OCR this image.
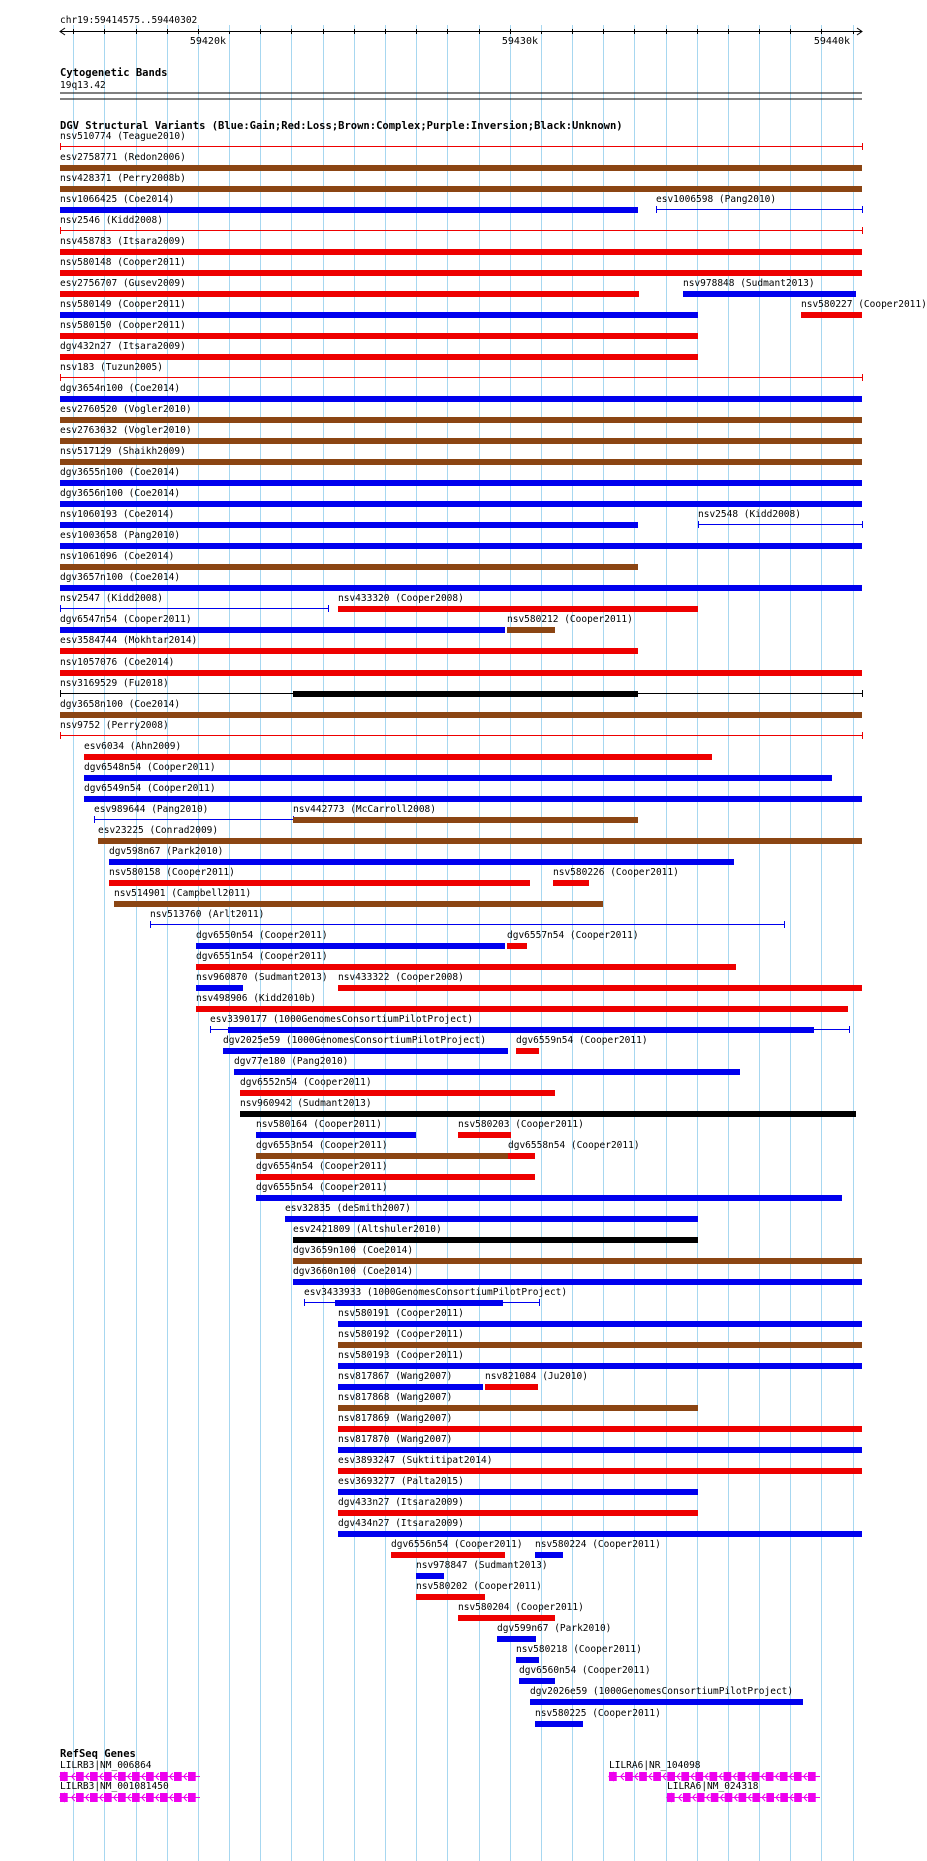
chr19:59414575..59440302
59420k	59430k	59440k
Cytogenetic Bands
19q13.42
DGV Structural Variants (Blue:Gain;Red:Loss;Brown:Complex;Purple:Inversion;Black:Unknown)
nsv510774 (Teague2010)
esv2758771 (Redon2006)
nsv428371 (Perry2008b)
nsv1066425 (Coe2014)	esv1006598 (Pang2010)
nsv2546 (Kidd2008)
nsv458783 (Itsara2009)
nsv580148 (Cooper2011)
esv2756707 (Gusev2009)	nsv978848 (Sudmant2013)
nsv580149 (Cooper2011)	nsv580227 (Cooper2011)
nsv580150 (Cooper2011)
dgv432n27 (Itsara2009)
nsv183 (Tuzun2005)
dgv3654n100 (Coe2014)
esv2760520 (Vogler2010)
esv2763032 (Vogler2010)
nsv517129 (Shaikh2009)
dgv3655n100 (Coe2014)
dgv3656n100 (Coe2014)
nsv1060193 (Coe2014)	nsv2548 (Kidd2008)
esv1003658 (Pang2010)
nsv1061096 (Coe2014)
dgv3657n100 (Coe2014)
nsv2547 (Kidd2008)	nsv433320 (Cooper2008)
dgv6547n54 (Cooper2011)	nsv580212 (Cooper2011)
esv3584744 (Mokhtar2014)
nsv1057076 (Coe2014)
nsv3169529 (Fu2018)
dgv3658n100 (Coe2014)
nsv9752 (Perry2008)
esv6034 (Ahn2009)
dgv6548n54 (Cooper2011)
dgv6549n54 (Cooper2011)
esv989644 (Pang2010)	nsv442773 (McCarroll2008)
esv23225 (Conrad2009)
dgv598n67 (Park2010)
nsv580158 (Cooper2011)	nsv580226 (Cooper2011)
nsv514901 (Campbell2011)
nsv513760 (Arlt2011)
dgv6550n54 (Cooper2011)	dgv6557n54 (Cooper2011)
dgv6551n54 (Cooper2011)
nsv960870 (Sudmant2013) nsv433322 (Cooper2008)
nsv498906 (Kidd2010b)
esv3390177 (1000GenomesConsortiumPilotProject)
dgv2025e59 (1000GenomesConsortiumPilotProject)	dgv6559n54 (Cooper2011)
dgv77e180 (Pang2010)
dgv6552n54 (Cooper2011)
nsv960942 (Sudmant2013)
nsv580164 (Cooper2011)	nsv580203 (Cooper2011)
dgv6553n54 (Cooper2011)	dgv6558n54 (Cooper2011)
dgv6554n54 (Cooper2011)
dgv6555n54 (Cooper2011)
esv32835 (deSmith2007)
esv2421809 (Altshuler2010)
dgv3659n100 (Coe2014)
dgv3660n100 (Coe2014)
esv3433933 (1000GenomesConsortiumPilotProject)
nsv580191 (Cooper2011)
nsv580192 (Cooper2011)
nsv580193 (Cooper2011)
nsv817867 (Wang2007)	nsv821084 (Ju2010)
nsv817868 (Wang2007)
nsv817869 (Wang2007)
nsv817870 (Wang2007)
esv3893247 (Suktitipat2014)
esv3693277 (Palta2015)
dgv433n27 (Itsara2009)
dgv434n27 (Itsara2009)
dgv6556n54 (Cooper2011) nsv580224 (Cooper2011)
nsv978847 (Sudmant2013)
nsv580202 (Cooper2011)
nsv580204 (Cooper2011)
dgv599n67 (Park2010)
nsv580218 (Cooper2011)
dgv6560n54 (Cooper2011)
dgv2026e59 (1000GenomesConsortiumPilotProject)
nsv580225 (Cooper2011)
RefSeq Genes
LILRB3|NM_006864
LILRB3|NM_001081450
LILRA6|NR_104098
LILRA6|NM_024318
